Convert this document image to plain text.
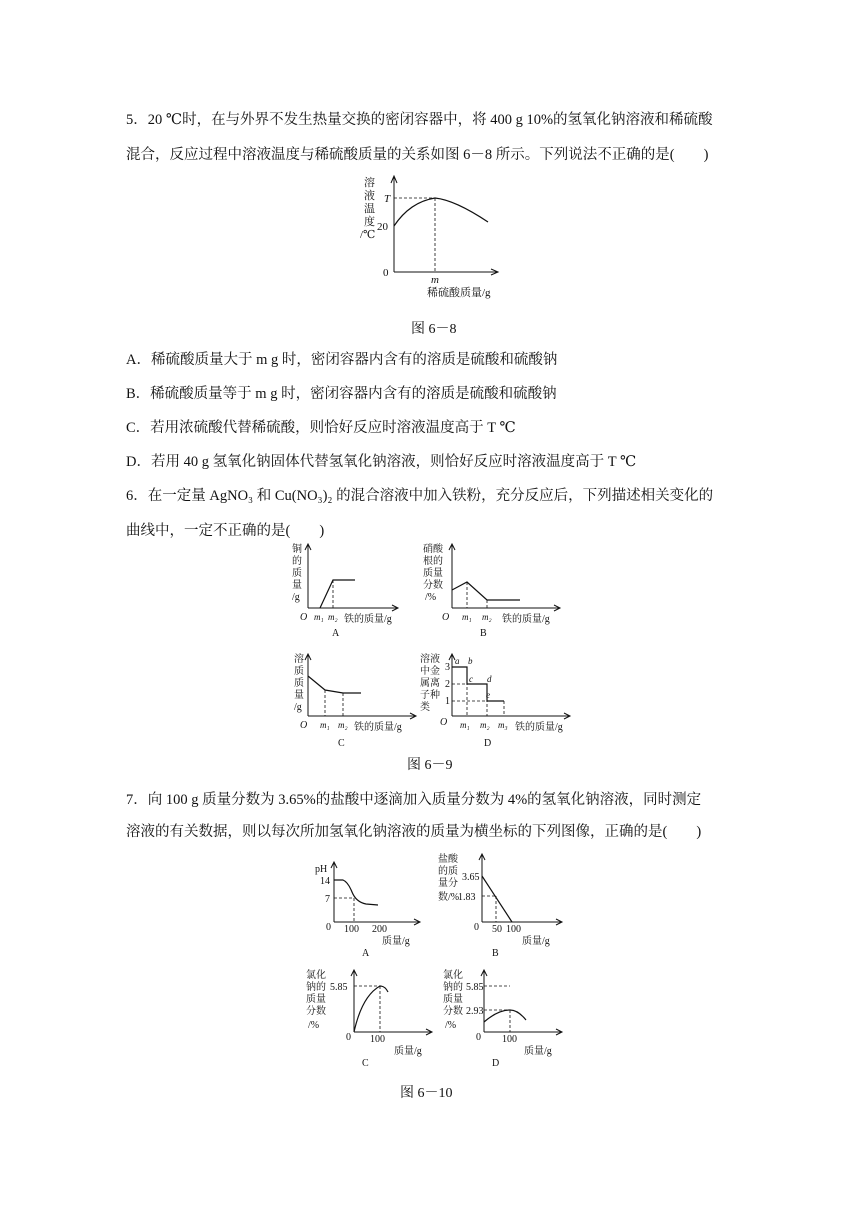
5．20 ℃时，在与外界不发生热量交换的密闭容器中，将 400 g 10%的氢氧化钠溶液和稀硫酸
混合，反应过程中溶液温度与稀硫酸质量的关系如图 6－8 所示。下列说法不正确的是(　　)
溶
液
温
度
/℃
T
20
0
m
稀硫酸质量/g
图 6－8
A．稀硫酸质量大于 m g 时，密闭容器内含有的溶质是硫酸和硫酸钠
B．稀硫酸质量等于 m g 时，密闭容器内含有的溶质是硫酸和硫酸钠
C．若用浓硫酸代替稀硫酸，则恰好反应时溶液温度高于 T ℃
D．若用 40 g 氢氧化钠固体代替氢氧化钠溶液，则恰好反应时溶液温度高于 T ℃
6．在一定量 AgNO₃ 和 Cu(NO₃)₂ 的混合溶液中加入铁粉，充分反应后，下列描述相关变化的
曲线中，一定不正确的是(　　)
铜
的
质
量
/g
O m₁ m₂ 铁的质量/g
A
硝酸
根的
质量
分数
/%
O m₁ m₂ 铁的质量/g
B
溶
质
质
量
/g
O m₁ m₂ 铁的质量/g
C
溶液
中金
属离
子种
类
3
2
1
a b
c d
e
O m₁ m₂ m₃ 铁的质量/g
D
图 6－9
7．向 100 g 质量分数为 3.65%的盐酸中逐滴加入质量分数为 4%的氢氧化钠溶液，同时测定
溶液的有关数据，则以每次所加氢氧化钠溶液的质量为横坐标的下列图像，正确的是(　　)
pH
14
7
0 100 200
质量/g
A
盐酸
的质
量分
数/%
3.65
1.83
0 50 100
质量/g
B
氯化
钠的
质量
分数
/%
5.85
0 100
质量/g
C
氯化
钠的
质量
分数
/%
5.85
2.93
0 100
质量/g
D
图 6－10
